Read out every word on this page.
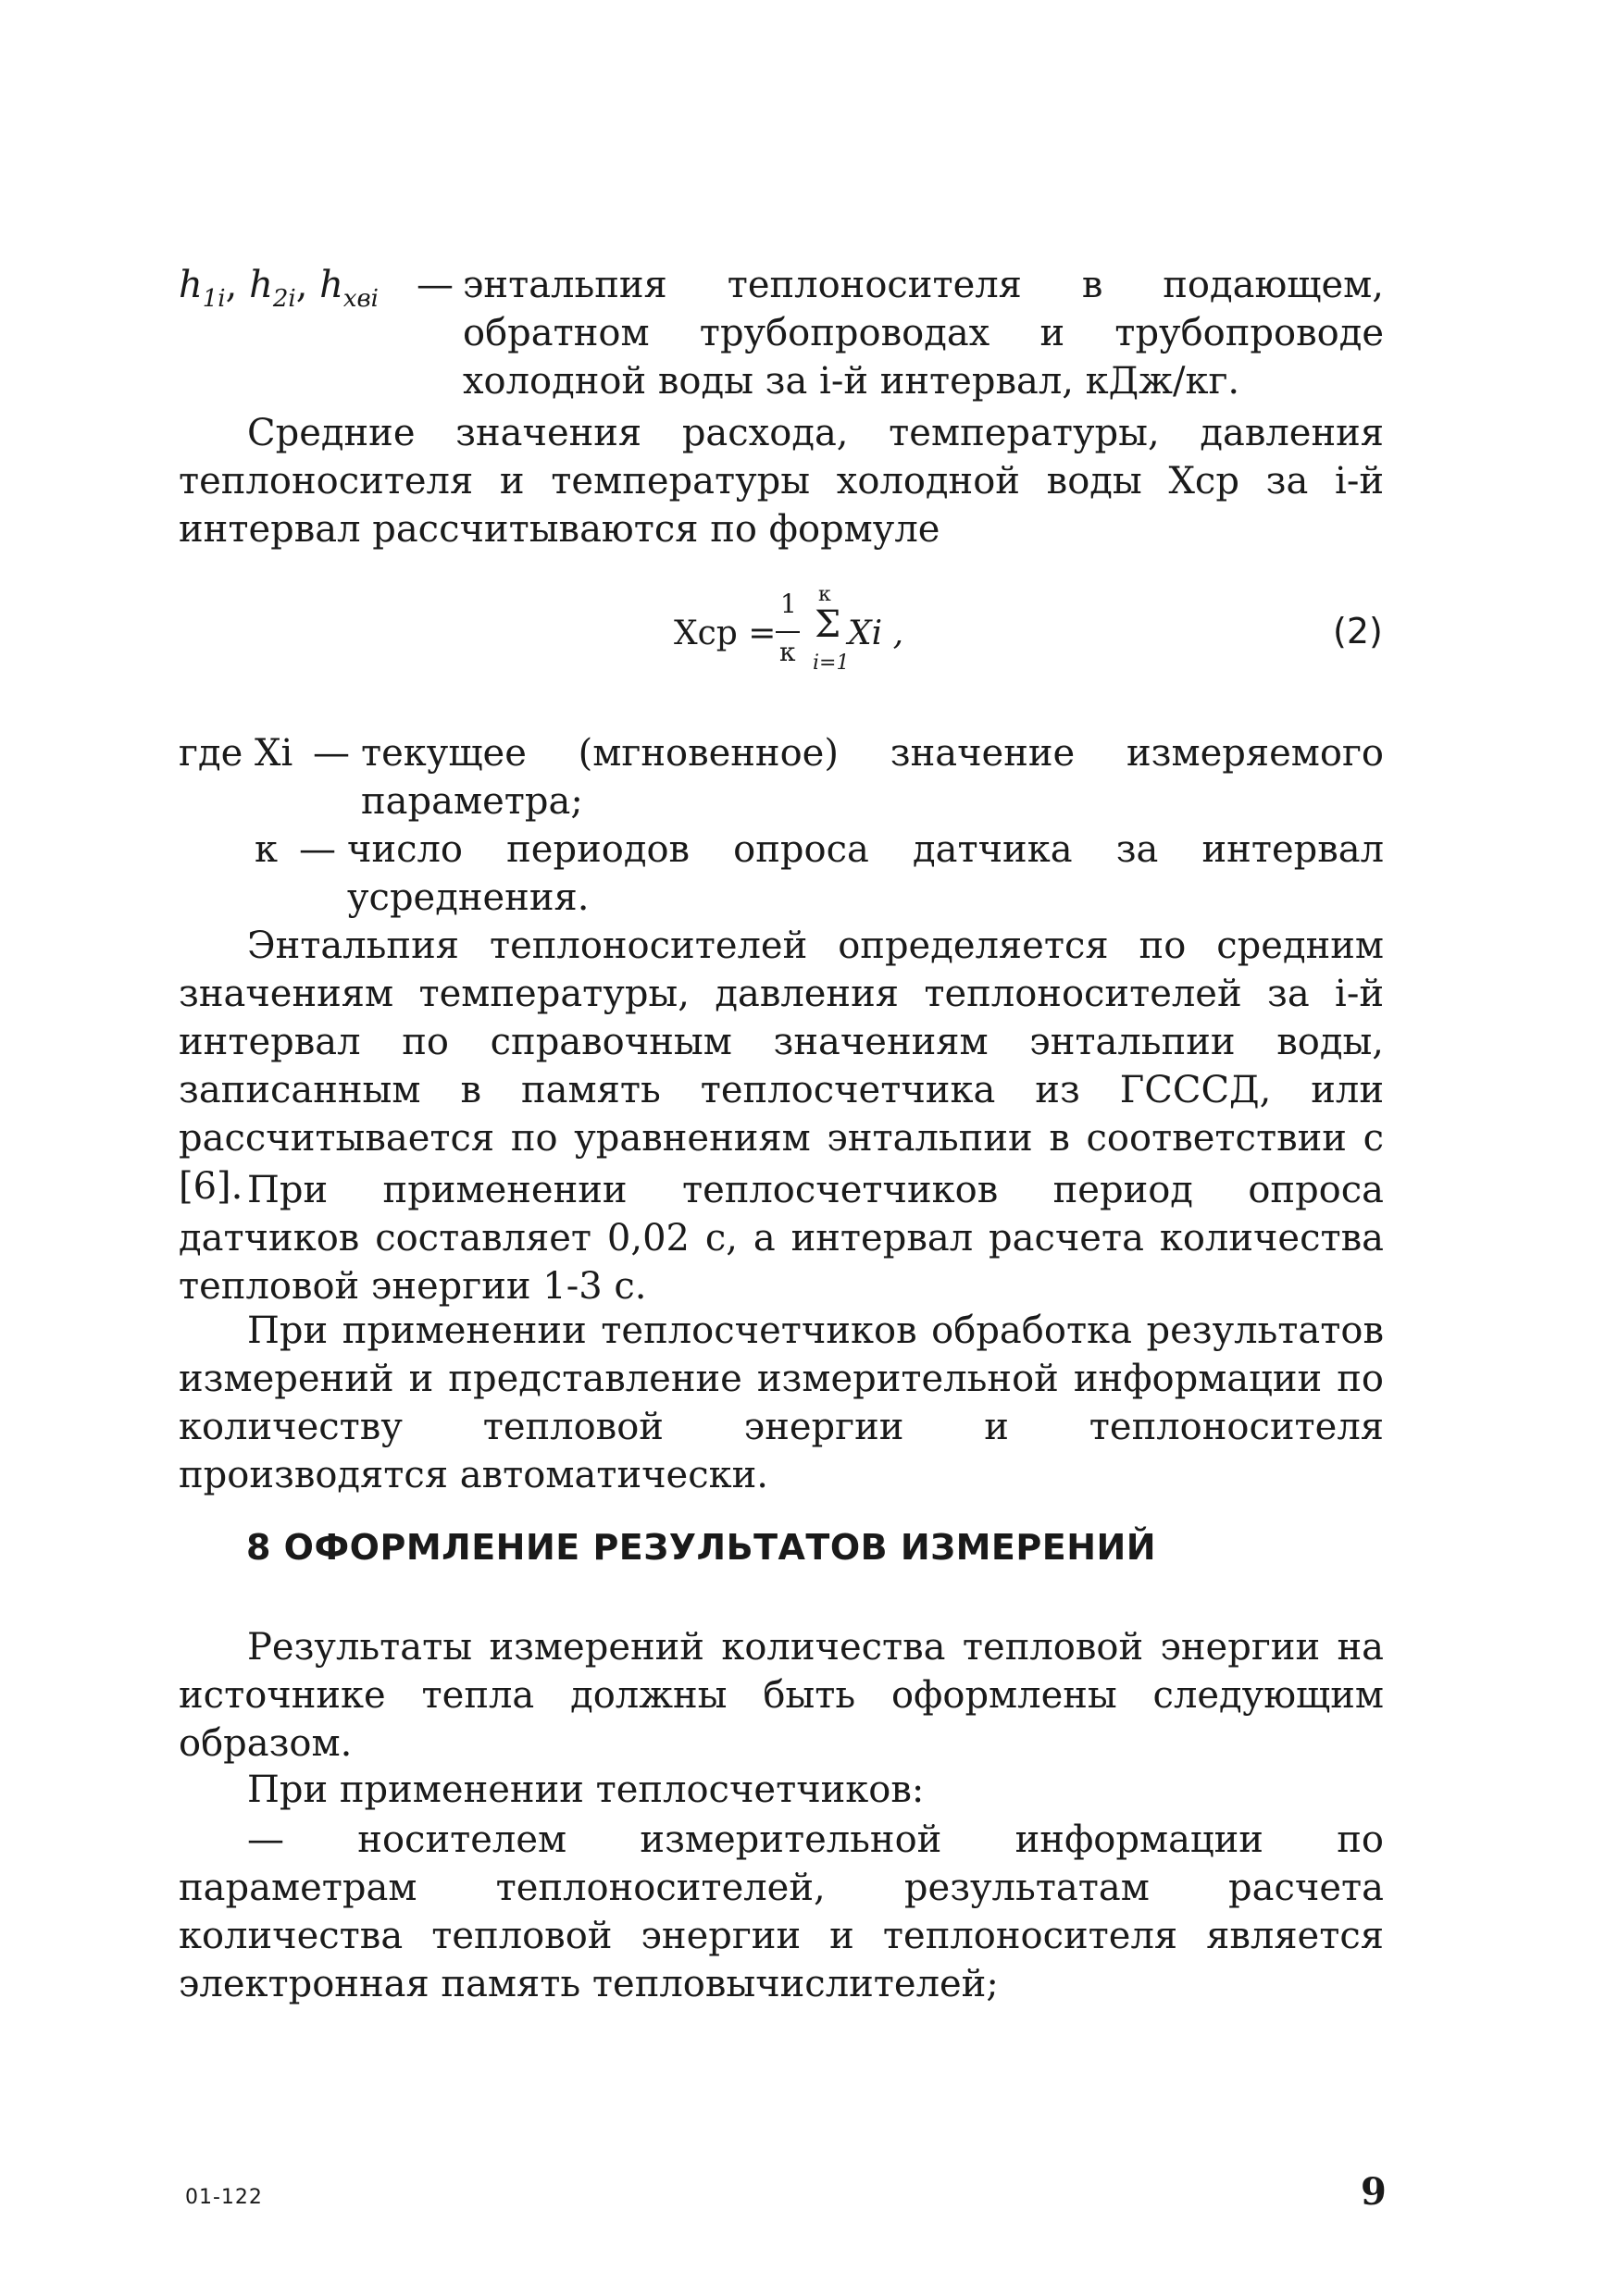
$h_{1i}$, $h_{2i}$, $h_{хвi}$ — энтальпия теплоносителя в подающем, обратном трубопроводах и трубопроводе холодной воды за i-й интервал, кДж/кг.

Средние значения расхода, температуры, давления теплоносителя и температуры холодной воды Xср за i-й интервал рассчитываются по формуле

Xср =
1
к
к
Σ
i=1
Xi ,	(2)
где Xi — текущее (мгновенное) значение измеряемого параметра;

к — число периодов опроса датчика за интервал усреднения.

Энтальпия теплоносителей определяется по средним значениям температуры, давления теплоносителей за i-й интервал по справочным значениям энтальпии воды, записанным в память теплосчетчика из ГСССД, или рассчитывается по уравнениям энтальпии в соответствии с [6]. При применении теплосчетчиков период опроса датчиков составляет 0,02 с, а интервал расчета количества тепловой энергии 1-3 с.

При применении теплосчетчиков обработка результатов измерений и представление измерительной информации по количеству тепловой энергии и теплоносителя производятся автоматически.

8 ОФОРМЛЕНИЕ РЕЗУЛЬТАТОВ ИЗМЕРЕНИЙ

Результаты измерений количества тепловой энергии на источнике тепла должны быть оформлены следующим образом.

При применении теплосчетчиков:

— носителем измерительной информации по параметрам теплоносителей, результатам расчета количества тепловой энергии и теплоносителя является электронная память тепловычислителей;

01-122	9
